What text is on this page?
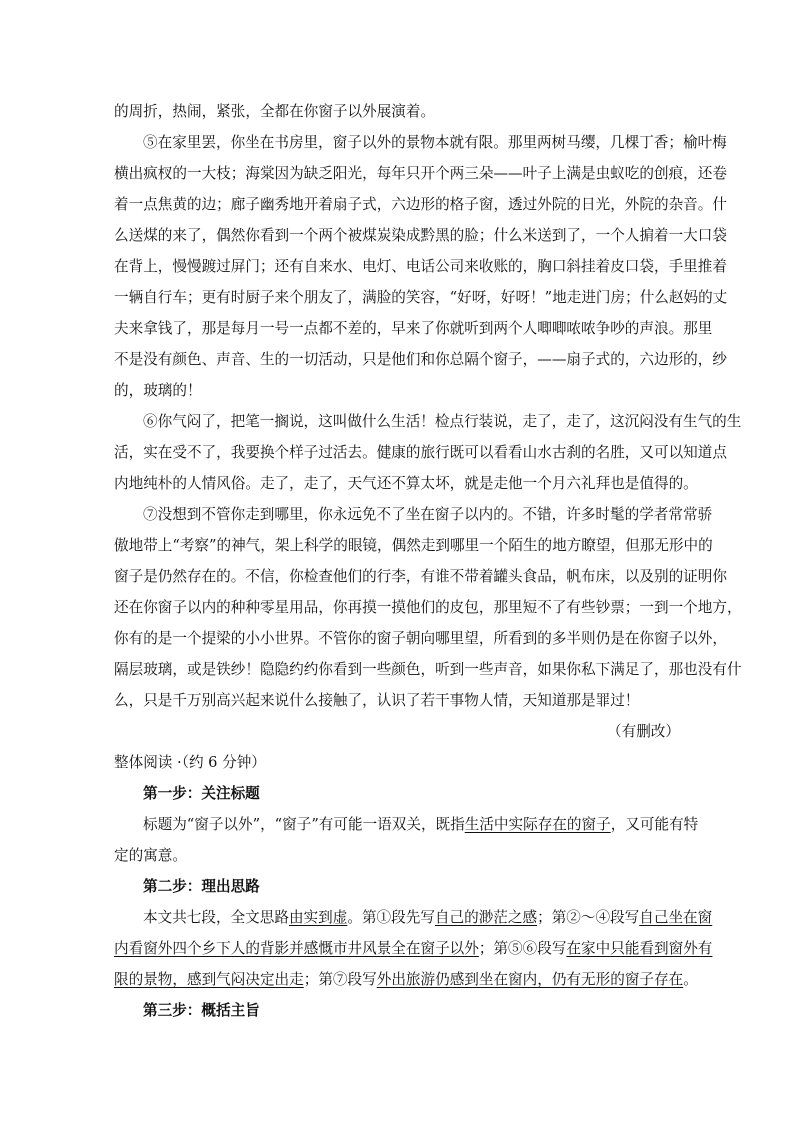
的周折，热闹，紧张，全都在你窗子以外展演着。
⑤在家里罢，你坐在书房里，窗子以外的景物本就有限。那里两树马缨，几棵丁香；榆叶梅
横出疯杈的一大枝；海棠因为缺乏阳光，每年只开个两三朵——叶子上满是虫蚁吃的创痕，还卷
着一点焦黄的边；廊子幽秀地开着扇子式，六边形的格子窗，透过外院的日光，外院的杂音。什
么送煤的来了，偶然你看到一个两个被煤炭染成黔黑的脸；什么米送到了，一个人掮着一大口袋
在背上，慢慢踱过屏门；还有自来水、电灯、电话公司来收账的，胸口斜挂着皮口袋，手里推着
一辆自行车；更有时厨子来个朋友了，满脸的笑容，“好呀，好呀！”地走进门房；什么赵妈的丈
夫来拿钱了，那是每月一号一点都不差的，早来了你就听到两个人唧唧哝哝争吵的声浪。那里
不是没有颜色、声音、生的一切活动，只是他们和你总隔个窗子，——扇子式的，六边形的，纱
的，玻璃的！
⑥你气闷了，把笔一搁说，这叫做什么生活！检点行装说，走了，走了，这沉闷没有生气的生
活，实在受不了，我要换个样子过活去。健康的旅行既可以看看山水古刹的名胜，又可以知道点
内地纯朴的人情风俗。走了，走了，天气还不算太坏，就是走他一个月六礼拜也是值得的。
⑦没想到不管你走到哪里，你永远免不了坐在窗子以内的。不错，许多时髦的学者常常骄
傲地带上“考察”的神气，架上科学的眼镜，偶然走到哪里一个陌生的地方瞭望，但那无形中的
窗子是仍然存在的。不信，你检查他们的行李，有谁不带着罐头食品，帆布床，以及别的证明你
还在你窗子以内的种种零星用品，你再摸一摸他们的皮包，那里短不了有些钞票；一到一个地方，
你有的是一个提梁的小小世界。不管你的窗子朝向哪里望，所看到的多半则仍是在你窗子以外，
隔层玻璃，或是铁纱！隐隐约约你看到一些颜色，听到一些声音，如果你私下满足了，那也没有什
么，只是千万别高兴起来说什么接触了，认识了若干事物人情，天知道那是罪过！
（有删改）
整体阅读 ·（约 6 分钟）
第一步：关注标题
标题为“窗子以外”，“窗子”有可能一语双关，既指生活中实际存在的窗子，又可能有特
定的寓意。
第二步：理出思路
本文共七段，全文思路由实到虚。第①段先写自己的渺茫之感；第②～④段写自己坐在窗
内看窗外四个乡下人的背影并感慨市井风景全在窗子以外；第⑤⑥段写在家中只能看到窗外有
限的景物，感到气闷决定出走；第⑦段写外出旅游仍感到坐在窗内，仍有无形的窗子存在。
第三步：概括主旨
